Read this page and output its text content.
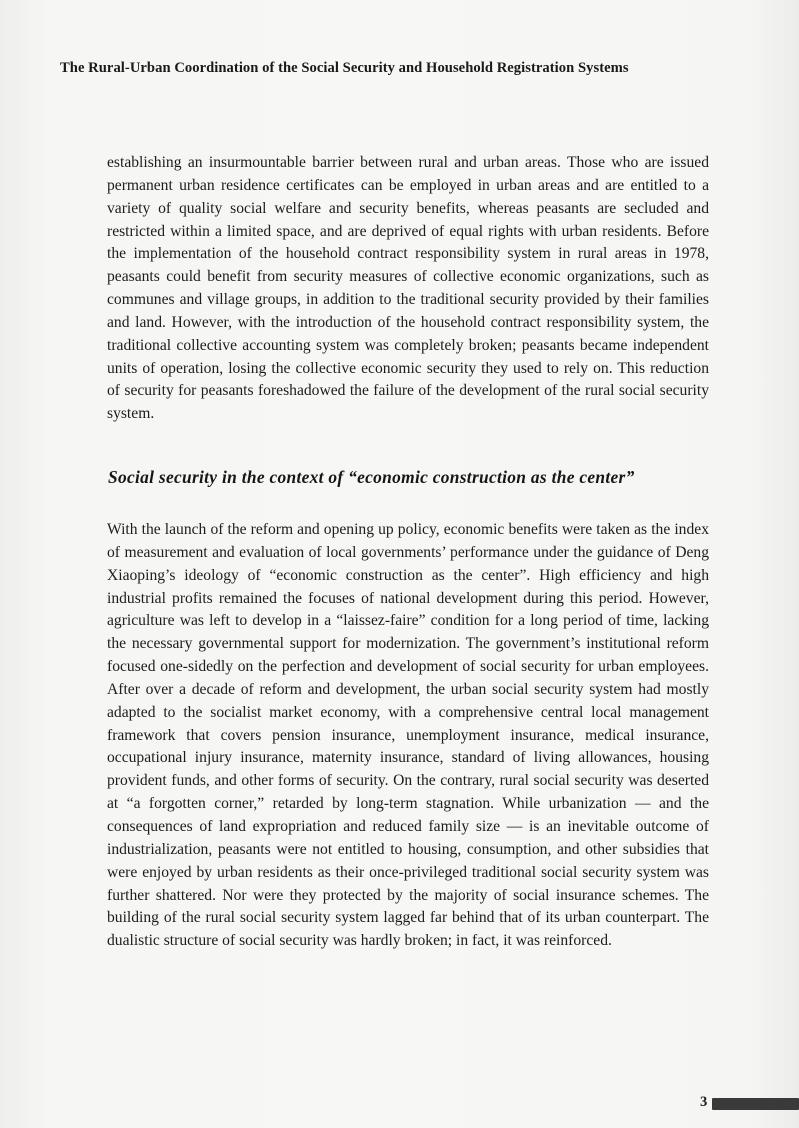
The Rural-Urban Coordination of the Social Security and Household Registration Systems

establishing an insurmountable barrier between rural and urban areas. Those who are issued permanent urban residence certificates can be employed in urban areas and are entitled to a variety of quality social welfare and security benefits, whereas peasants are secluded and restricted within a limited space, and are deprived of equal rights with urban residents. Before the implementation of the household contract responsibility system in rural areas in 1978, peasants could benefit from security measures of collective economic organizations, such as communes and village groups, in addition to the traditional security provided by their families and land. However, with the introduction of the household contract responsibility system, the traditional collective accounting system was completely broken; peasants became independent units of operation, losing the collective economic security they used to rely on. This reduction of security for peasants foreshadowed the failure of the development of the rural social security system.

Social security in the context of “economic construction as the center”

With the launch of the reform and opening up policy, economic benefits were taken as the index of measurement and evaluation of local governments’ performance under the guidance of Deng Xiaoping’s ideology of “economic construction as the center”. High efficiency and high industrial profits remained the focuses of national development during this period. However, agriculture was left to develop in a “laissez-faire” condition for a long period of time, lacking the necessary governmental support for modernization. The government’s institutional reform focused one-sidedly on the perfection and development of social security for urban employees. After over a decade of reform and development, the urban social security system had mostly adapted to the socialist market economy, with a comprehensive central local management framework that covers pension insurance, unemployment insurance, medical insurance, occupational injury insurance, maternity insurance, standard of living allowances, housing provident funds, and other forms of security. On the contrary, rural social security was deserted at “a forgotten corner,” retarded by long-term stagnation. While urbanization — and the consequences of land expropriation and reduced family size — is an inevitable outcome of industrialization, peasants were not entitled to housing, consumption, and other subsidies that were enjoyed by urban residents as their once-privileged traditional social security system was further shattered. Nor were they protected by the majority of social insurance schemes. The building of the rural social security system lagged far behind that of its urban counterpart. The dualistic structure of social security was hardly broken; in fact, it was reinforced.

3
